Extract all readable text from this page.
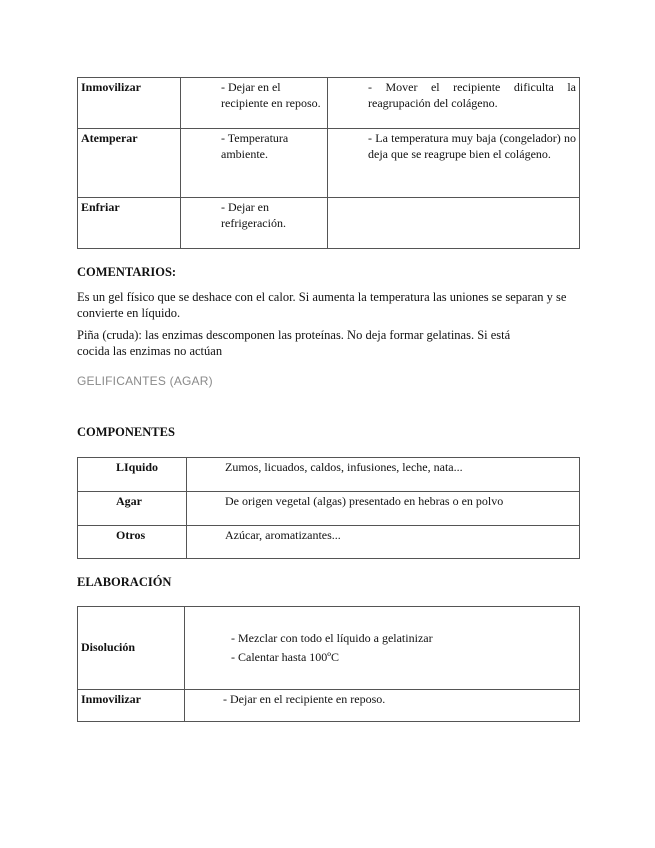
Inmovilizar	- Dejar en el recipiente en reposo.	- Mover el recipiente dificulta la reagrupación del colágeno.
Atemperar	- Temperatura ambiente.	- La temperatura muy baja (congelador) no deja que se reagrupe bien el colágeno.
Enfriar	- Dejar en refrigeración.	
COMENTARIOS:
Es un gel físico que se deshace con el calor. Si aumenta la temperatura las uniones se separan y se convierte en líquido.
Piña (cruda): las enzimas descomponen las proteínas. No deja formar gelatinas. Si está cocida las enzimas no actúan
GELIFICANTES (AGAR)
COMPONENTES
LIquido	Zumos, licuados, caldos, infusiones, leche, nata...
Agar	De origen vegetal (algas) presentado en hebras o en polvo
Otros	Azúcar, aromatizantes...
ELABORACIÓN
Disolución	- Mezclar con todo el líquido a gelatinizar
- Calentar hasta 100ºC

Inmovilizar	- Dejar en el recipiente en reposo.
